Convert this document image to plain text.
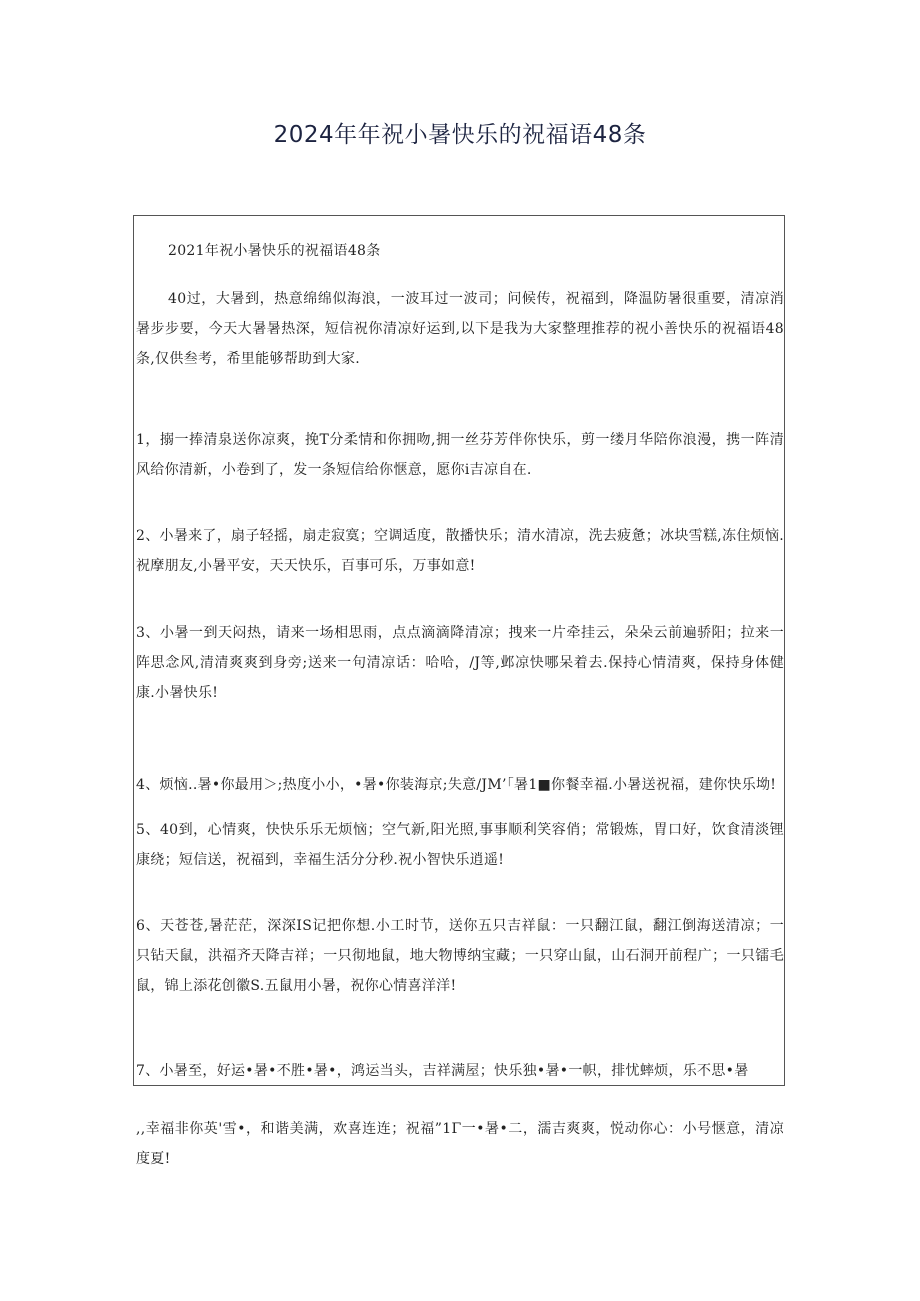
2024年年祝小暑快乐的祝福语48条
2021年祝小暑快乐的祝福语48条
40过，大暑到，热意绵绵似海浪，一波耳过一波司；问候传，祝福到，降温防暑很重要，清凉消暑步步要，今天大暑暑热深，短信祝你清凉好运到,以下是我为大家整理推荐的祝小善快乐的祝福语48条,仅供叁考，希里能够帮助到大家.
1，搦一捧清泉送你凉爽，挽T分柔情和你拥吻,拥一丝芬芳伴你快乐，剪一缕月华陪你浪漫，携一阵清风给你清新，小卷到了，发一条短信给你惬意，愿你i吉凉自在.
2、小暑来了，扇子轻摇，扇走寂寞；空调适度，散播快乐；清水清凉，洗去疲惫；冰块雪糕,冻住烦恼.祝摩朋友,小暑平安，天天快乐，百事可乐，万事如意!
3、小暑一到天闷热，请来一场相思雨，点点滴滴降清凉；拽来一片牵挂云，朵朵云前遍骄阳；拉来一阵思念风,清清爽爽到身旁;送来一句清凉话：哈哈，/J等,邺凉快哪呆着去.保持心情清爽，保持身体健康.小暑快乐!
4、烦恼..暑•你最用＞;热度小小，•暑•你装海京;失意/JM’「暑1■你餐幸福.小暑送祝福，建你快乐坳!
5、40到，心情爽，快快乐乐无烦恼；空气新,阳光照,事事顺利笑容俏；常锻炼，胃口好，饮食清淡锂康绕；短信送，祝福到，幸福生活分分秒.祝小智快乐逍遥!
6、天苍苍,暑茫茫，深深IS记把你想.小工时节，送你五只吉祥鼠：一只翻江鼠，翻江倒海送清凉；一只钻天鼠，洪福齐天降吉祥；一只彻地鼠，地大物博纳宝藏；一只穿山鼠，山石洞开前程广；一只镭毛鼠，锦上添花创徽S.五鼠用小暑，祝你心情喜洋洋!
7、小暑至，好运•暑•不胜•暑•，鸿运当头，吉祥满屋；快乐独•暑•一帜，排忧蟀烦，乐不思•暑
,,幸福非你英'雪•，和谐美满，欢喜连连；祝福”1Γ一•暑•二，濡吉爽爽，悦动你心：小号惬意，清凉度夏!
